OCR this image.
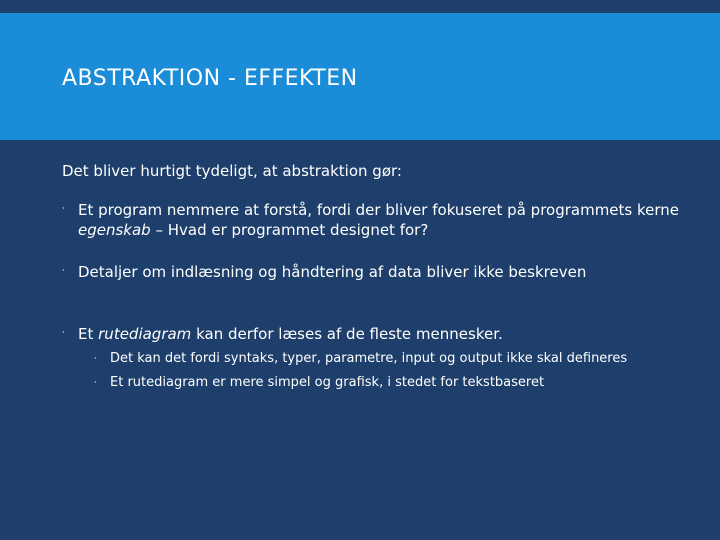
ABSTRAKTION - EFFEKTEN

Det bliver hurtigt tydeligt, at abstraktion gør:

ˑ Et program nemmere at forstå, fordi der bliver fokuseret på programmets kerne egenskab – Hvad er programmet designet for?
ˑ Detaljer om indlæsning og håndtering af data bliver ikke beskreven
ˑ Et rutediagram kan derfor læses af de fleste mennesker.
ˑ Det kan det fordi syntaks, typer, parametre, input og output ikke skal defineres
ˑ Et rutediagram er mere simpel og grafisk, i stedet for tekstbaseret
